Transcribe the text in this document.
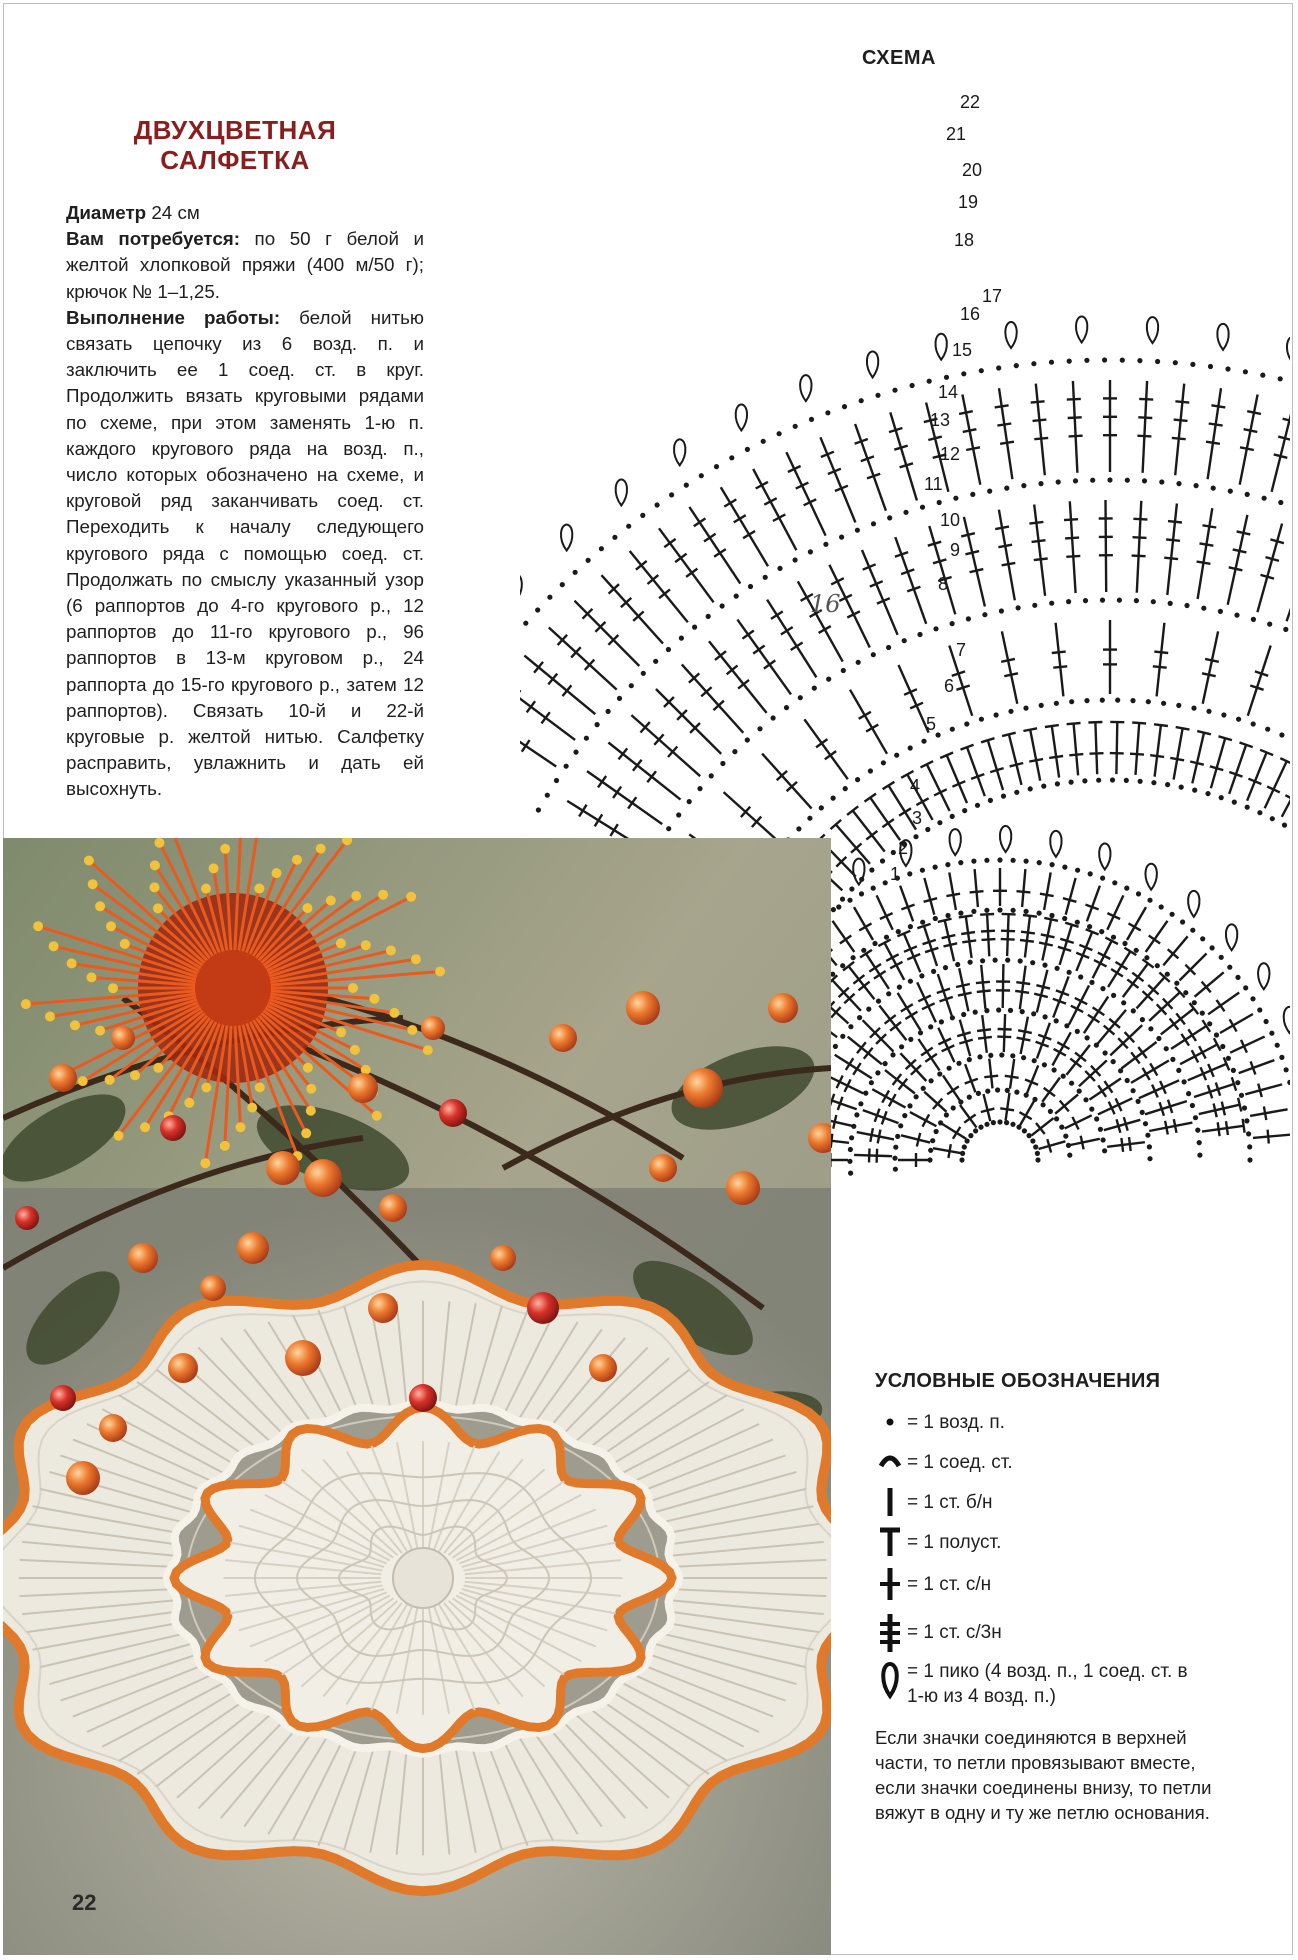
ДВУХЦВЕТНАЯ
САЛФЕТКА

Диаметр 24 см

Вам потребуется: по 50 г белой и желтой хлопковой пряжи (400 м/50 г); крючок № 1–1,25.

Выполнение работы: белой нитью связать цепочку из 6 возд. п. и заключить ее 1 соед. ст. в круг. Продолжить вязать круговыми рядами по схеме, при этом заменять 1-ю п. каждого кругового ряда на возд. п., число которых обозначено на схеме, и круговой ряд заканчивать соед. ст. Переходить к началу следующего кругового ряда с помощью соед. ст. Продолжать по смыслу указанный узор (6 раппортов до 4-го кругового р., 12 раппортов до 11-го кругового р., 96 раппортов в 13-м круговом р., 24 раппорта до 15-го кругового р., затем 12 раппортов). Связать 10-й и 22-й круговые р. желтой нитью. Салфетку расправить, увлажнить и дать ей высохнуть.

СХЕМА
22
21
20
19
18
17
16
15
14
13
12
11
10
9
8
7
6
5
4
3
2
1
16
22
УСЛОВНЫЕ ОБОЗНАЧЕНИЯ
= 1 возд. п.
= 1 соед. ст.
= 1 ст. б/н
= 1 полуст.
= 1 ст. с/н
= 1 ст. с/3н
= 1 пико (4 возд. п., 1 соед. ст. в 1-ю из 4 возд. п.)
Если значки соединяются в верхней части, то петли провязывают вместе, если значки соединены внизу, то петли вяжут в одну и ту же петлю основания.
